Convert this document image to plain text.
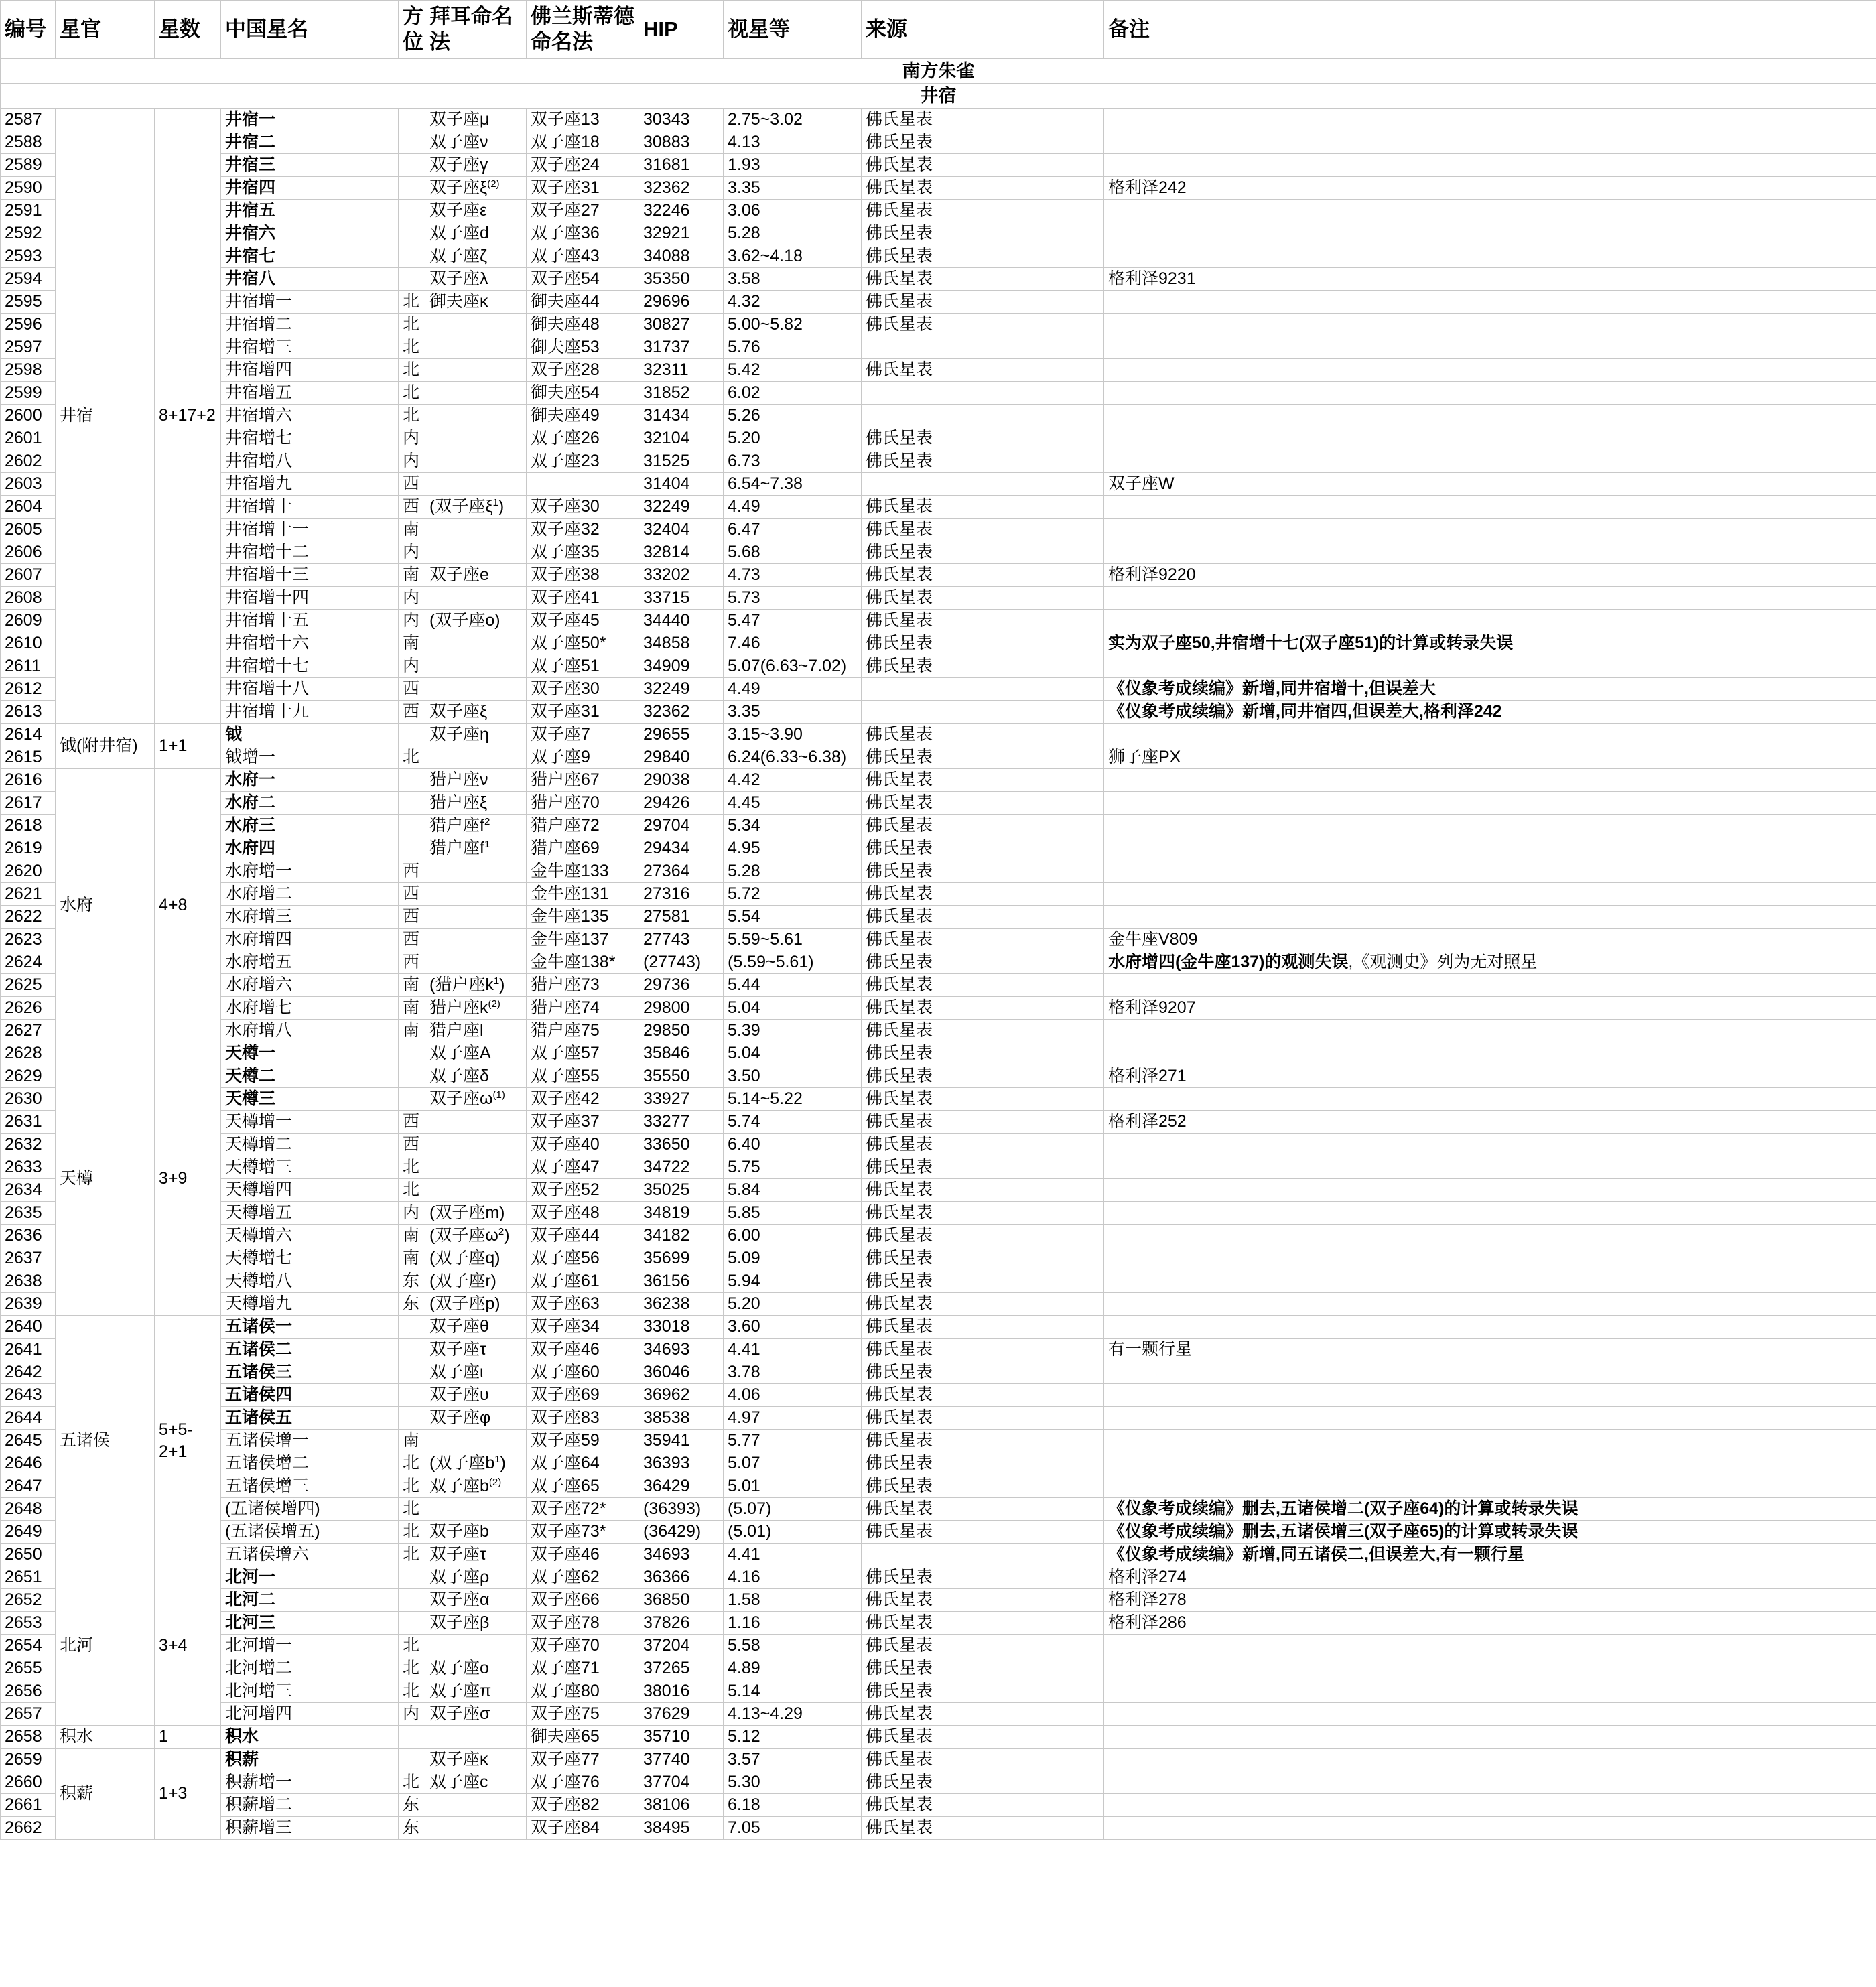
编号	星官	星数	中国星名	方位	拜耳命名法	佛兰斯蒂德命名法	HIP	视星等	来源	备注
南方朱雀										
井宿										
2587	井宿	8+17+2	井宿一		双子座μ	双子座13	30343	2.75~3.02	佛氏星表	
2588			井宿二		双子座ν	双子座18	30883	4.13	佛氏星表	
2589			井宿三		双子座γ	双子座24	31681	1.93	佛氏星表	
2590			井宿四		双子座$\xi^{(2)}$	双子座31	32362	3.35	佛氏星表	格利泽242
2591			井宿五		双子座ε	双子座27	32246	3.06	佛氏星表	
2592			井宿六		双子座d	双子座36	32921	5.28	佛氏星表	
2593			井宿七		双子座ζ	双子座43	34088	3.62~4.18	佛氏星表	
2594			井宿八		双子座λ	双子座54	35350	3.58	佛氏星表	格利泽9231
2595			井宿增一	北	御夫座κ	御夫座44	29696	4.32	佛氏星表	
2596			井宿增二	北		御夫座48	30827	5.00~5.82	佛氏星表	
2597			井宿增三	北		御夫座53	31737	5.76		
2598			井宿增四	北		双子座28	32311	5.42	佛氏星表	
2599			井宿增五	北		御夫座54	31852	6.02		
2600			井宿增六	北		御夫座49	31434	5.26		
2601			井宿增七	内		双子座26	32104	5.20	佛氏星表	
2602			井宿增八	内		双子座23	31525	6.73	佛氏星表	
2603			井宿增九	西			31404	6.54~7.38		双子座W
2604			井宿增十	西	(双子座$\xi^1$)	双子座30	32249	4.49	佛氏星表	
2605			井宿增十一	南		双子座32	32404	6.47	佛氏星表	
2606			井宿增十二	内		双子座35	32814	5.68	佛氏星表	
2607			井宿增十三	南	双子座e	双子座38	33202	4.73	佛氏星表	格利泽9220
2608			井宿增十四	内		双子座41	33715	5.73	佛氏星表	
2609			井宿增十五	内	(双子座o)	双子座45	34440	5.47	佛氏星表	
2610			井宿增十六	南		双子座50*	34858	7.46	佛氏星表	实为双子座50,井宿增十七(双子座51)的计算或转录失误
2611			井宿增十七	内		双子座51	34909	5.07(6.63~7.02)	佛氏星表	
2612			井宿增十八	西		双子座30	32249	4.49		《仪象考成续编》新增,同井宿增十,但误差大
2613			井宿增十九	西	双子座ξ	双子座31	32362	3.35		《仪象考成续编》新增,同井宿四,但误差大,格利泽242
2614	钺(附井宿)	1+1	钺		双子座η	双子座7	29655	3.15~3.90	佛氏星表	
2615			钺增一	北		双子座9	29840	6.24(6.33~6.38)	佛氏星表	狮子座PX
2616	水府	4+8	水府一		猎户座ν	猎户座67	29038	4.42	佛氏星表	
2617			水府二		猎户座ξ	猎户座70	29426	4.45	佛氏星表	
2618			水府三		猎户座$f^2$	猎户座72	29704	5.34	佛氏星表	
2619			水府四		猎户座$f^1$	猎户座69	29434	4.95	佛氏星表	
2620			水府增一	西		金牛座133	27364	5.28	佛氏星表	
2621			水府增二	西		金牛座131	27316	5.72	佛氏星表	
2622			水府增三	西		金牛座135	27581	5.54	佛氏星表	
2623			水府增四	西		金牛座137	27743	5.59~5.61	佛氏星表	金牛座V809
2624			水府增五	西		金牛座138*	(27743)	(5.59~5.61)	佛氏星表	水府增四(金牛座137)的观测失误,《观测史》列为无对照星
2625			水府增六	南	(猎户座$k^1$)	猎户座73	29736	5.44	佛氏星表	
2626			水府增七	南	猎户座$k^{(2)}$	猎户座74	29800	5.04	佛氏星表	格利泽9207
2627			水府增八	南	猎户座l	猎户座75	29850	5.39	佛氏星表	
2628	天樽	3+9	天樽一		双子座A	双子座57	35846	5.04	佛氏星表	
2629			天樽二		双子座δ	双子座55	35550	3.50	佛氏星表	格利泽271
2630			天樽三		双子座$\omega^{(1)}$	双子座42	33927	5.14~5.22	佛氏星表	
2631			天樽增一	西		双子座37	33277	5.74	佛氏星表	格利泽252
2632			天樽增二	西		双子座40	33650	6.40	佛氏星表	
2633			天樽增三	北		双子座47	34722	5.75	佛氏星表	
2634			天樽增四	北		双子座52	35025	5.84	佛氏星表	
2635			天樽增五	内	(双子座m)	双子座48	34819	5.85	佛氏星表	
2636			天樽增六	南	(双子座$\omega^2$)	双子座44	34182	6.00	佛氏星表	
2637			天樽增七	南	(双子座q)	双子座56	35699	5.09	佛氏星表	
2638			天樽增八	东	(双子座r)	双子座61	36156	5.94	佛氏星表	
2639			天樽增九	东	(双子座p)	双子座63	36238	5.20	佛氏星表	
2640	五诸侯	5+5-2+1	五诸侯一		双子座θ	双子座34	33018	3.60	佛氏星表	
2641			五诸侯二		双子座τ	双子座46	34693	4.41	佛氏星表	有一颗行星
2642			五诸侯三		双子座ι	双子座60	36046	3.78	佛氏星表	
2643			五诸侯四		双子座υ	双子座69	36962	4.06	佛氏星表	
2644			五诸侯五		双子座φ	双子座83	38538	4.97	佛氏星表	
2645			五诸侯增一	南		双子座59	35941	5.77	佛氏星表	
2646			五诸侯增二	北	(双子座$b^1$)	双子座64	36393	5.07	佛氏星表	
2647			五诸侯增三	北	双子座$b^{(2)}$	双子座65	36429	5.01	佛氏星表	
2648			(五诸侯增四)	北		双子座72*	(36393)	(5.07)	佛氏星表	《仪象考成续编》删去,五诸侯增二(双子座64)的计算或转录失误
2649			(五诸侯增五)	北	双子座b	双子座73*	(36429)	(5.01)	佛氏星表	《仪象考成续编》删去,五诸侯增三(双子座65)的计算或转录失误
2650			五诸侯增六	北	双子座τ	双子座46	34693	4.41		《仪象考成续编》新增,同五诸侯二,但误差大,有一颗行星
2651	北河	3+4	北河一		双子座ρ	双子座62	36366	4.16	佛氏星表	格利泽274
2652			北河二		双子座α	双子座66	36850	1.58	佛氏星表	格利泽278
2653			北河三		双子座β	双子座78	37826	1.16	佛氏星表	格利泽286
2654			北河增一	北		双子座70	37204	5.58	佛氏星表	
2655			北河增二	北	双子座o	双子座71	37265	4.89	佛氏星表	
2656			北河增三	北	双子座π	双子座80	38016	5.14	佛氏星表	
2657			北河增四	内	双子座σ	双子座75	37629	4.13~4.29	佛氏星表	
2658	积水	1	积水			御夫座65	35710	5.12	佛氏星表	
2659	积薪	1+3	积薪		双子座κ	双子座77	37740	3.57	佛氏星表	
2660			积薪增一	北	双子座c	双子座76	37704	5.30	佛氏星表	
2661			积薪增二	东		双子座82	38106	6.18	佛氏星表	
2662			积薪增三	东		双子座84	38495	7.05	佛氏星表	
